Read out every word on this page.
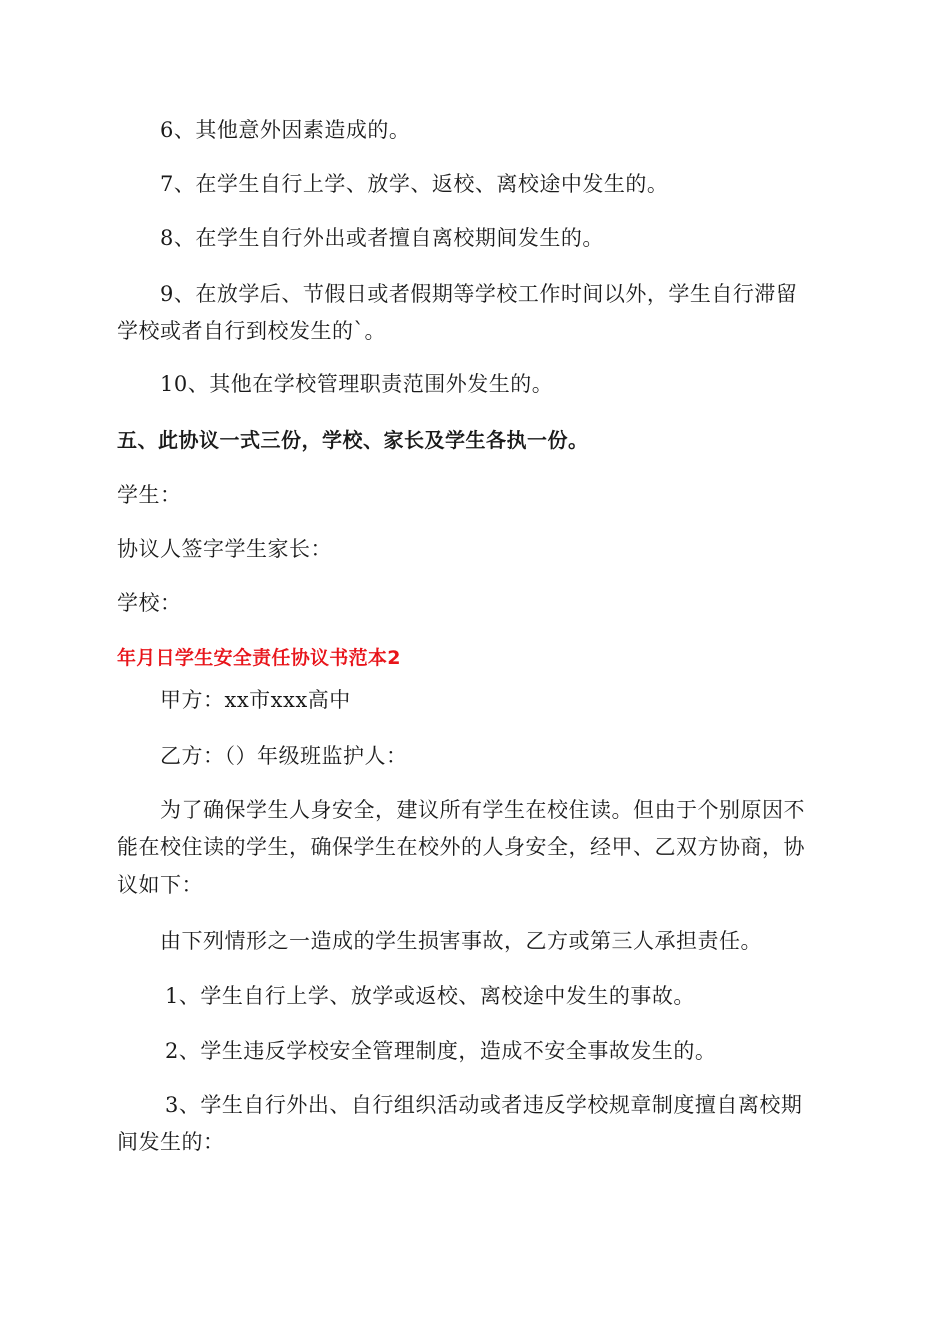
6、其他意外因素造成的。
7、在学生自行上学、放学、返校、离校途中发生的。
8、在学生自行外出或者擅自离校期间发生的。
9、在放学后、节假日或者假期等学校工作时间以外，学生自行滞留
学校或者自行到校发生的`。
10、其他在学校管理职责范围外发生的。
五、此协议一式三份，学校、家长及学生各执一份。
学生：
协议人签字学生家长：
学校：
年月日学生安全责任协议书范本2
甲方：xx市xxx高中
乙方：（）年级班监护人：
为了确保学生人身安全，建议所有学生在校住读。但由于个别原因不
能在校住读的学生，确保学生在校外的人身安全，经甲、乙双方协商，协
议如下：
由下列情形之一造成的学生损害事故，乙方或第三人承担责任。
1、学生自行上学、放学或返校、离校途中发生的事故。
2、学生违反学校安全管理制度，造成不安全事故发生的。
3、学生自行外出、自行组织活动或者违反学校规章制度擅自离校期
间发生的：
